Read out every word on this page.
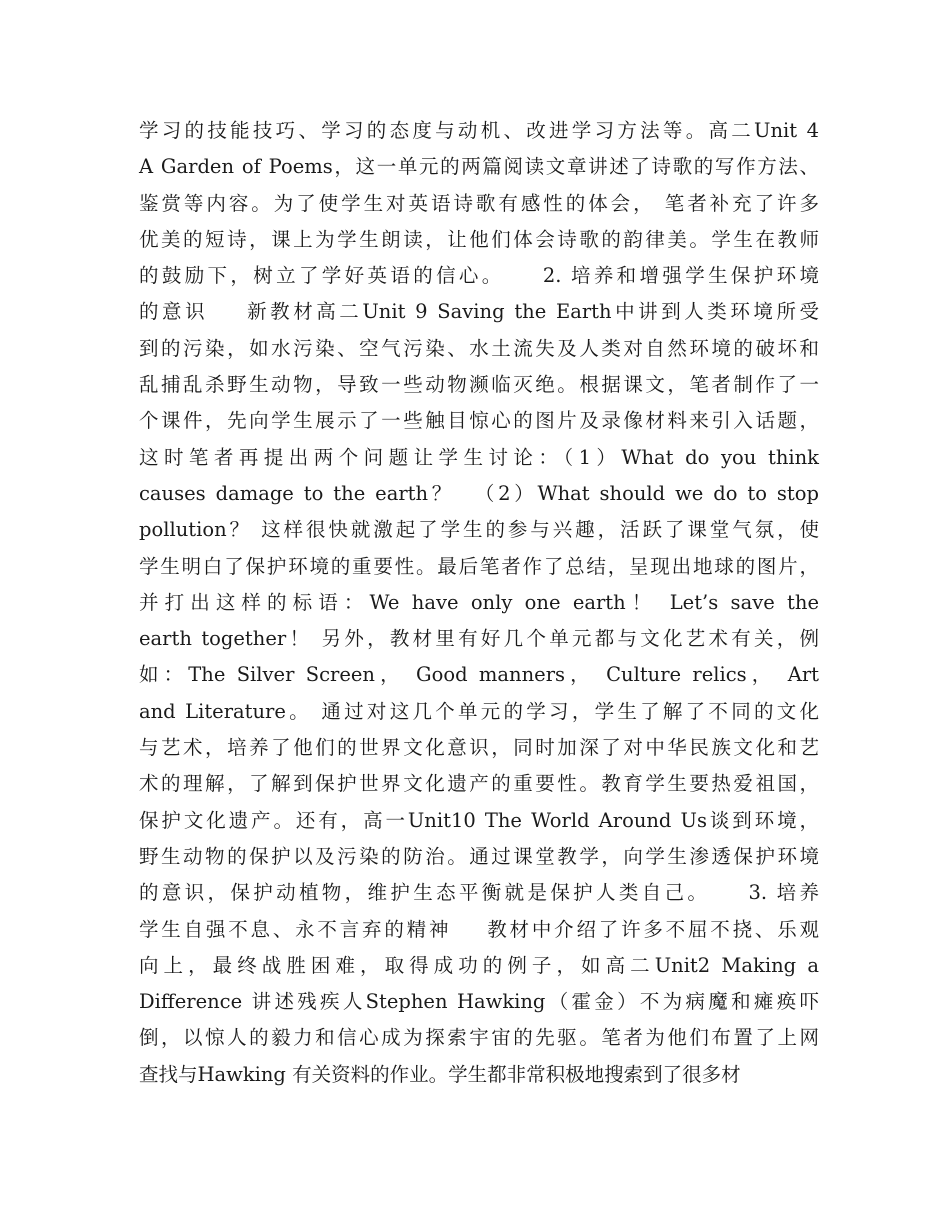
学习的技能技巧、学习的态度与动机、改进学习方法等。高二Unit 4
A Garden of Poems，这一单元的两篇阅读文章讲述了诗歌的写作方法、
鉴赏等内容。为了使学生对英语诗歌有感性的体会， 笔者补充了许多
优美的短诗，课上为学生朗读，让他们体会诗歌的韵律美。学生在教师
的鼓励下，树立了学好英语的信心。    2. 培养和增强学生保护环境
的意识    新教材高二Unit 9 Saving the Earth中讲到人类环境所受
到的污染，如水污染、空气污染、水土流失及人类对自然环境的破坏和
乱捕乱杀野生动物，导致一些动物濒临灭绝。根据课文，笔者制作了一
个课件，先向学生展示了一些触目惊心的图片及录像材料来引入话题，
这时笔者再提出两个问题让学生讨论：（1）What do you think
causes damage to the earth？  （2）What should we do to stop
pollution？ 这样很快就激起了学生的参与兴趣，活跃了课堂气氛，使
学生明白了保护环境的重要性。最后笔者作了总结，呈现出地球的图片，
并打出这样的标语：We have only one earth！ Let’s save the
earth together！ 另外，教材里有好几个单元都与文化艺术有关，例
如：The Silver Screen， Good manners， Culture relics， Art
and Literature。 通过对这几个单元的学习，学生了解了不同的文化
与艺术，培养了他们的世界文化意识，同时加深了对中华民族文化和艺
术的理解，了解到保护世界文化遗产的重要性。教育学生要热爱祖国，
保护文化遗产。还有，高一Unit10 The World Around Us谈到环境，
野生动物的保护以及污染的防治。通过课堂教学，向学生渗透保护环境
的意识，保护动植物，维护生态平衡就是保护人类自己。    3. 培养
学生自强不息、永不言弃的精神    教材中介绍了许多不屈不挠、乐观
向上，最终战胜困难，取得成功的例子，如高二Unit2 Making a
Difference 讲述残疾人Stephen Hawking（霍金）不为病魔和瘫痪吓
倒，以惊人的毅力和信心成为探索宇宙的先驱。笔者为他们布置了上网
查找与Hawking 有关资料的作业。学生都非常积极地搜索到了很多材
